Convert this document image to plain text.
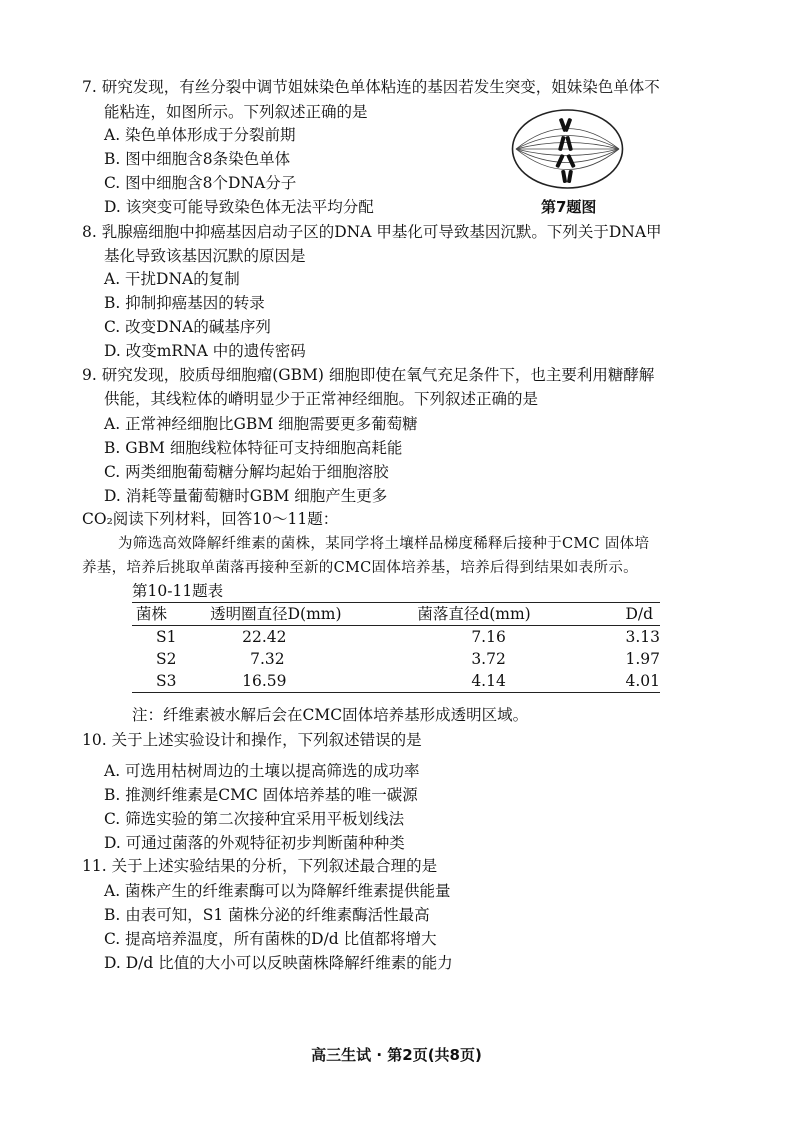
7. 研究发现，有丝分裂中调节姐妹染色单体粘连的基因若发生突变，姐妹染色单体不
能粘连，如图所示。下列叙述正确的是
A. 染色单体形成于分裂前期
B. 图中细胞含8条染色单体
C. 图中细胞含8个DNA分子
D. 该突变可能导致染色体无法平均分配	第7题图
8. 乳腺癌细胞中抑癌基因启动子区的DNA 甲基化可导致基因沉默。下列关于DNA甲
基化导致该基因沉默的原因是
A. 干扰DNA的复制
B. 抑制抑癌基因的转录
C. 改变DNA的碱基序列
D. 改变mRNA 中的遗传密码
9. 研究发现，胶质母细胞瘤(GBM) 细胞即使在氧气充足条件下，也主要利用糖酵解
供能，其线粒体的嵴明显少于正常神经细胞。下列叙述正确的是
A. 正常神经细胞比GBM 细胞需要更多葡萄糖
B. GBM 细胞线粒体特征可支持细胞高耗能
C. 两类细胞葡萄糖分解均起始于细胞溶胶
D. 消耗等量葡萄糖时GBM 细胞产生更多
CO₂阅读下列材料，回答10～11题：
为筛选高效降解纤维素的菌株，某同学将土壤样品梯度稀释后接种于CMC 固体培
养基，培养后挑取单菌落再接种至新的CMC固体培养基，培养后得到结果如表所示。
第10-11题表
菌株	透明圈直径D(mm)	菌落直径d(mm)	D/d
S1	22.42	7.16	3.13
S2	7.32	3.72	1.97
S3	16.59	4.14	4.01
注：纤维素被水解后会在CMC固体培养基形成透明区域。
10. 关于上述实验设计和操作，下列叙述错误的是
A. 可选用枯树周边的土壤以提高筛选的成功率
B. 推测纤维素是CMC 固体培养基的唯一碳源
C. 筛选实验的第二次接种宜采用平板划线法
D. 可通过菌落的外观特征初步判断菌种种类
11. 关于上述实验结果的分析，下列叙述最合理的是
A. 菌株产生的纤维素酶可以为降解纤维素提供能量
B. 由表可知，S1 菌株分泌的纤维素酶活性最高
C. 提高培养温度，所有菌株的D/d 比值都将增大
D. D/d 比值的大小可以反映菌株降解纤维素的能力
高三生试 · 第2页(共8页)
